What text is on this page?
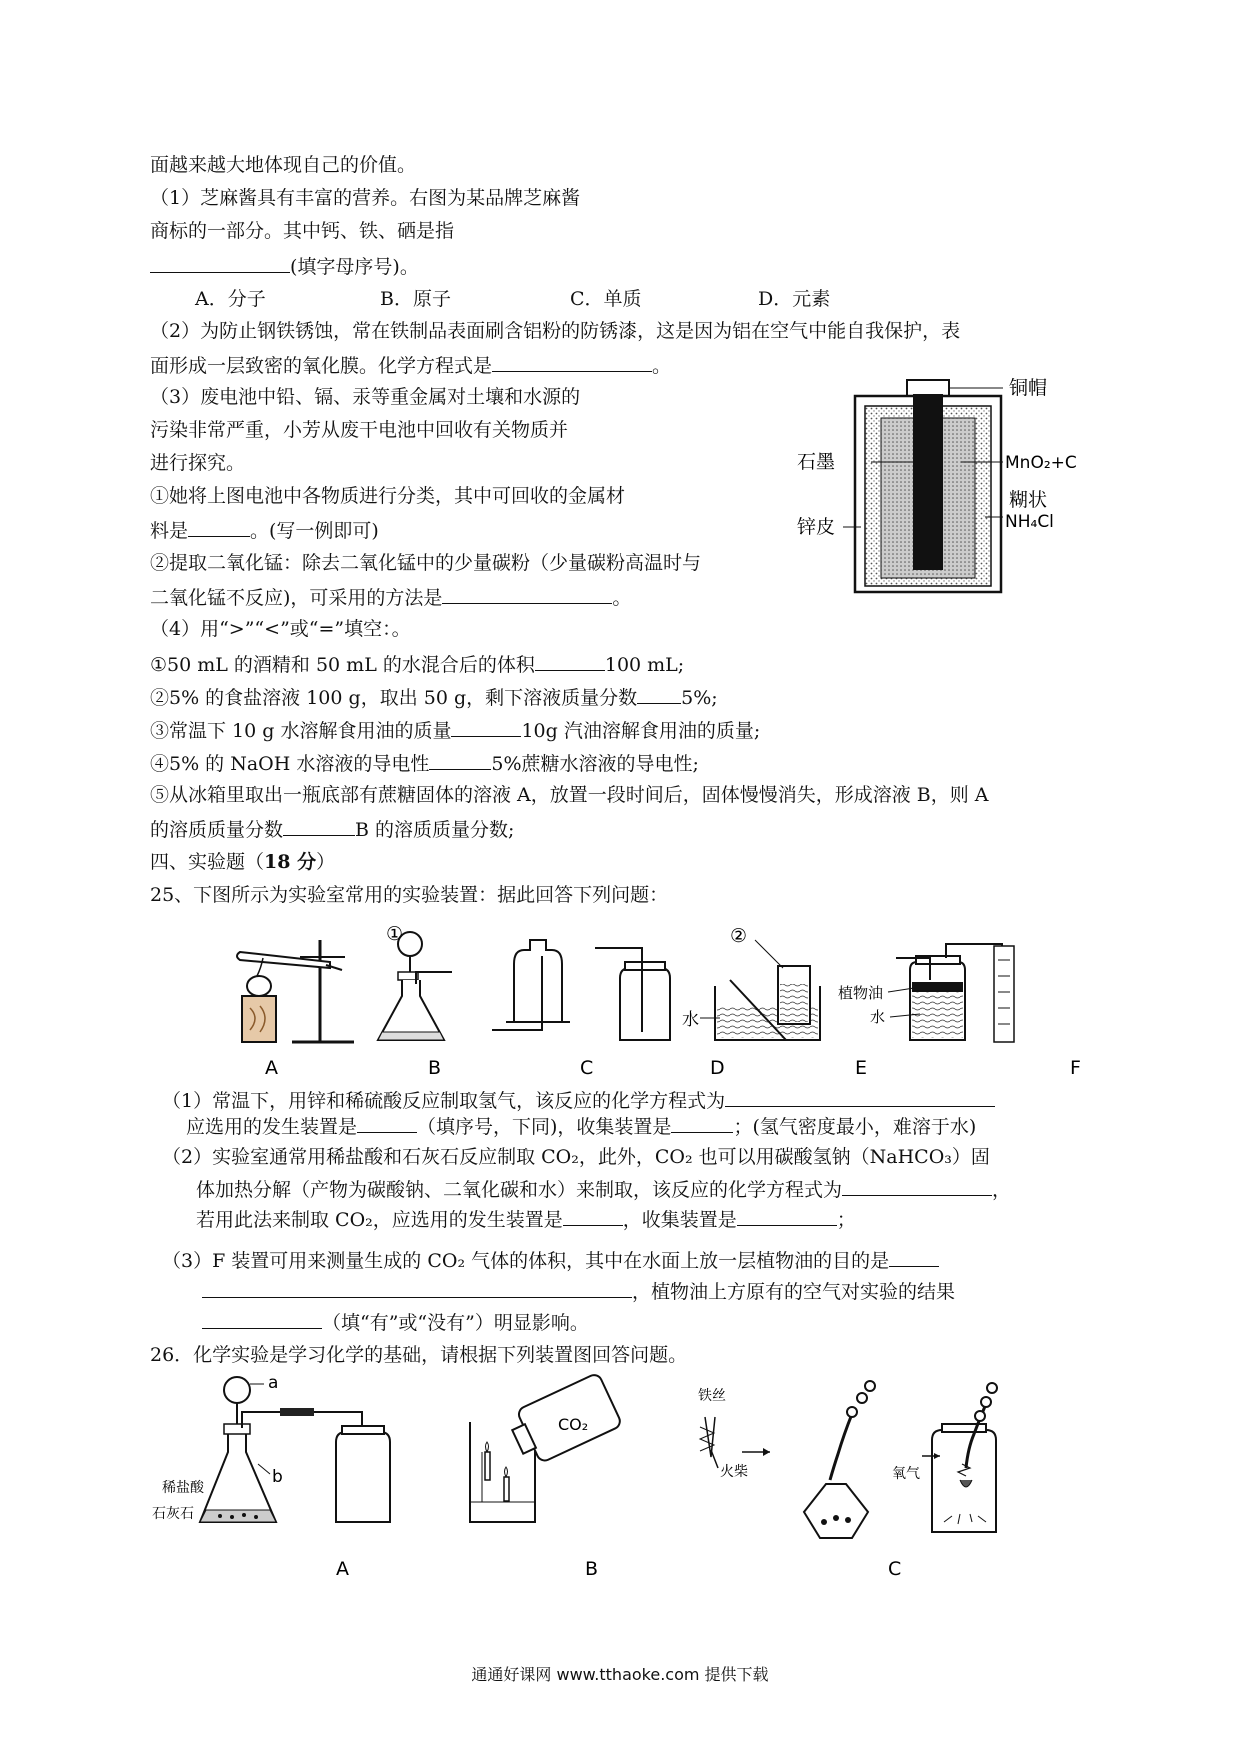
面越来越大地体现自己的价值。
（1）芝麻酱具有丰富的营养。右图为某品牌芝麻酱
商标的一部分。其中钙、铁、硒是指
(填字母序号)。
A．分子	B．原子	C．单质	D．元素
（2）为防止钢铁锈蚀，常在铁制品表面刷含铝粉的防锈漆，这是因为铝在空气中能自我保护，表
面形成一层致密的氧化膜。化学方程式是	。
（3）废电池中铅、镉、汞等重金属对土壤和水源的
污染非常严重，小芳从废干电池中回收有关物质并
进行探究。
①她将上图电池中各物质进行分类，其中可回收的金属材
料是	。(写一例即可)
②提取二氧化锰：除去二氧化锰中的少量碳粉（少量碳粉高温时与
二氧化锰不反应)，可采用的方法是	。
铜帽
石墨	MnO₂+C
糊状
NH₄Cl
锌皮
（4）用“>”“<”或“=”填空：。
①50 mL 的酒精和 50 mL 的水混合后的体积	100 mL;
②5% 的食盐溶液 100 g，取出 50 g，剩下溶液质量分数 5%;
③常温下 10 g 水溶解食用油的质量	10g 汽油溶解食用油的质量;
④5% 的 NaOH 水溶液的导电性	5%蔗糖水溶液的导电性;
⑤从冰箱里取出一瓶底部有蔗糖固体的溶液 A，放置一段时间后，固体慢慢消失，形成溶液 B，则 A
的溶质质量分数	B 的溶质质量分数;
四、实验题（18 分）
25、下图所示为实验室常用的实验装置：据此回答下列问题：
②
水
植物油
水
①
A	B	C	D	E	F
（1）常温下，用锌和稀硫酸反应制取氢气，该反应的化学方程式为
应选用的发生装置是	（填序号，下同)，收集装置是	；(氢气密度最小，难溶于水)
（2）实验室通常用稀盐酸和石灰石反应制取 CO₂，此外，CO₂ 也可以用碳酸氢钠（NaHCO₃）固
体加热分解（产物为碳酸钠、二氧化碳和水）来制取，该反应的化学方程式为	，
若用此法来制取 CO₂，应选用的发生装置是	，收集装置是	；
（3）F 装置可用来测量生成的 CO₂ 气体的体积，其中在水面上放一层植物油的目的是
，植物油上方原有的空气对实验的结果
（填“有”或“没有”）明显影响。
26．化学实验是学习化学的基础，请根据下列装置图回答问题。
a
b
稀盐酸
石灰石
CO₂
铁丝
火柴	氧气
A	B	C
通通好课网 www.tthaoke.com 提供下载
